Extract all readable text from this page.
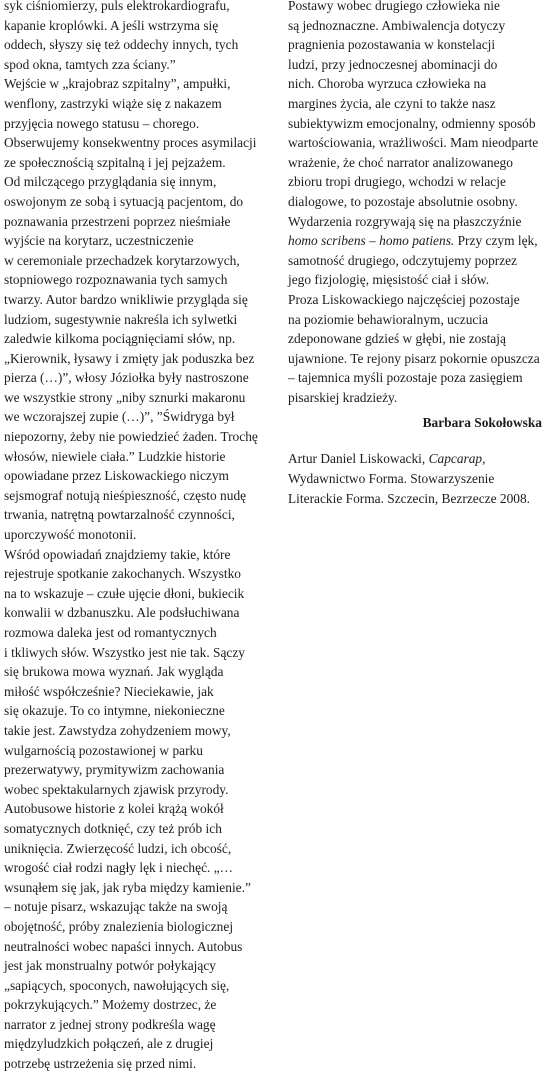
syk ciśniomierzy, puls elektrokardiografu,
kapanie kroplówki. A jeśli wstrzyma się
oddech, słyszy się też oddechy innych, tych
spod okna, tamtych zza ściany.”
Wejście w „krajobraz szpitalny”, ampułki,
wenflony, zastrzyki wiąże się z nakazem
przyjęcia nowego statusu – chorego.
Obserwujemy konsekwentny proces asymilacji
ze społecznością szpitalną i jej pejzażem.
Od milczącego przyglądania się innym,
oswojonym ze sobą i sytuacją pacjentom, do
poznawania przestrzeni poprzez nieśmiałe
wyjście na korytarz, uczestniczenie
w ceremoniale przechadzek korytarzowych,
stopniowego rozpoznawania tych samych
twarzy. Autor bardzo wnikliwie przygląda się
ludziom, sugestywnie nakreśla ich sylwetki
zaledwie kilkoma pociągnięciami słów, np.
„Kierownik, łysawy i zmięty jak poduszka bez
pierza (…)”, włosy Józiołka były nastroszone
we wszystkie strony „niby sznurki makaronu
we wczorajszej zupie (…)”, ”Świdryga był
niepozorny, żeby nie powiedzieć żaden. Trochę
włosów, niewiele ciała.” Ludzkie historie
opowiadane przez Liskowackiego niczym
sejsmograf notują nieśpieszność, często nudę
trwania, natrętną powtarzalność czynności,
uporczywość monotonii.
Wśród opowiadań znajdziemy takie, które
rejestruje spotkanie zakochanych. Wszystko
na to wskazuje – czułe ujęcie dłoni, bukiecik
konwalii w dzbanuszku. Ale podsłuchiwana
rozmowa daleka jest od romantycznych
i tkliwych słów. Wszystko jest nie tak. Sączy
się brukowa mowa wyznań. Jak wygląda
miłość współcześnie? Nieciekawie, jak
się okazuje. To co intymne, niekonieczne
takie jest. Zawstydza zohydzeniem mowy,
wulgarnością pozostawionej w parku
prezerwatywy, prymitywizm zachowania
wobec spektakularnych zjawisk przyrody.
Autobusowe historie z kolei krążą wokół
somatycznych dotknięć, czy też prób ich
uniknięcia. Zwierzęcość ludzi, ich obcość,
wrogość ciał rodzi nagły lęk i niechęć. „…
wsunąłem się jak, jak ryba między kamienie.”
– notuje pisarz, wskazując także na swoją
obojętność, próby znalezienia biologicznej
neutralności wobec napaści innych. Autobus
jest jak monstrualny potwór połykający
„sapiących, spoconych, nawołujących się,
pokrzykujących.” Możemy dostrzec, że
narrator z jednej strony podkreśla wagę
międzyludzkich połączeń, ale z drugiej
potrzebę ustrzeżenia się przed nimi.
Postawy wobec drugiego człowieka nie
są jednoznaczne. Ambiwalencja dotyczy
pragnienia pozostawania w konstelacji
ludzi, przy jednoczesnej abominacji do
nich. Choroba wyrzuca człowieka na
margines życia, ale czyni to także nasz
subiektywizm emocjonalny, odmienny sposób
wartościowania, wrażliwości. Mam nieodparte
wrażenie, że choć narrator analizowanego
zbioru tropi drugiego, wchodzi w relacje
dialogowe, to pozostaje absolutnie osobny.
Wydarzenia rozgrywają się na płaszczyźnie
homo scribens – homo patiens. Przy czym lęk,
samotność drugiego, odczytujemy poprzez
jego fizjologię, mięsistość ciał i słów.
Proza Liskowackiego najczęściej pozostaje
na poziomie behawioralnym, uczucia
zdeponowane gdzieś w głębi, nie zostają
ujawnione. Te rejony pisarz pokornie opuszcza
– tajemnica myśli pozostaje poza zasięgiem
pisarskiej kradzieży.
Barbara Sokołowska
Artur Daniel Liskowacki, Capcarap,
Wydawnictwo Forma. Stowarzyszenie
Literackie Forma. Szczecin, Bezrzecze 2008.
